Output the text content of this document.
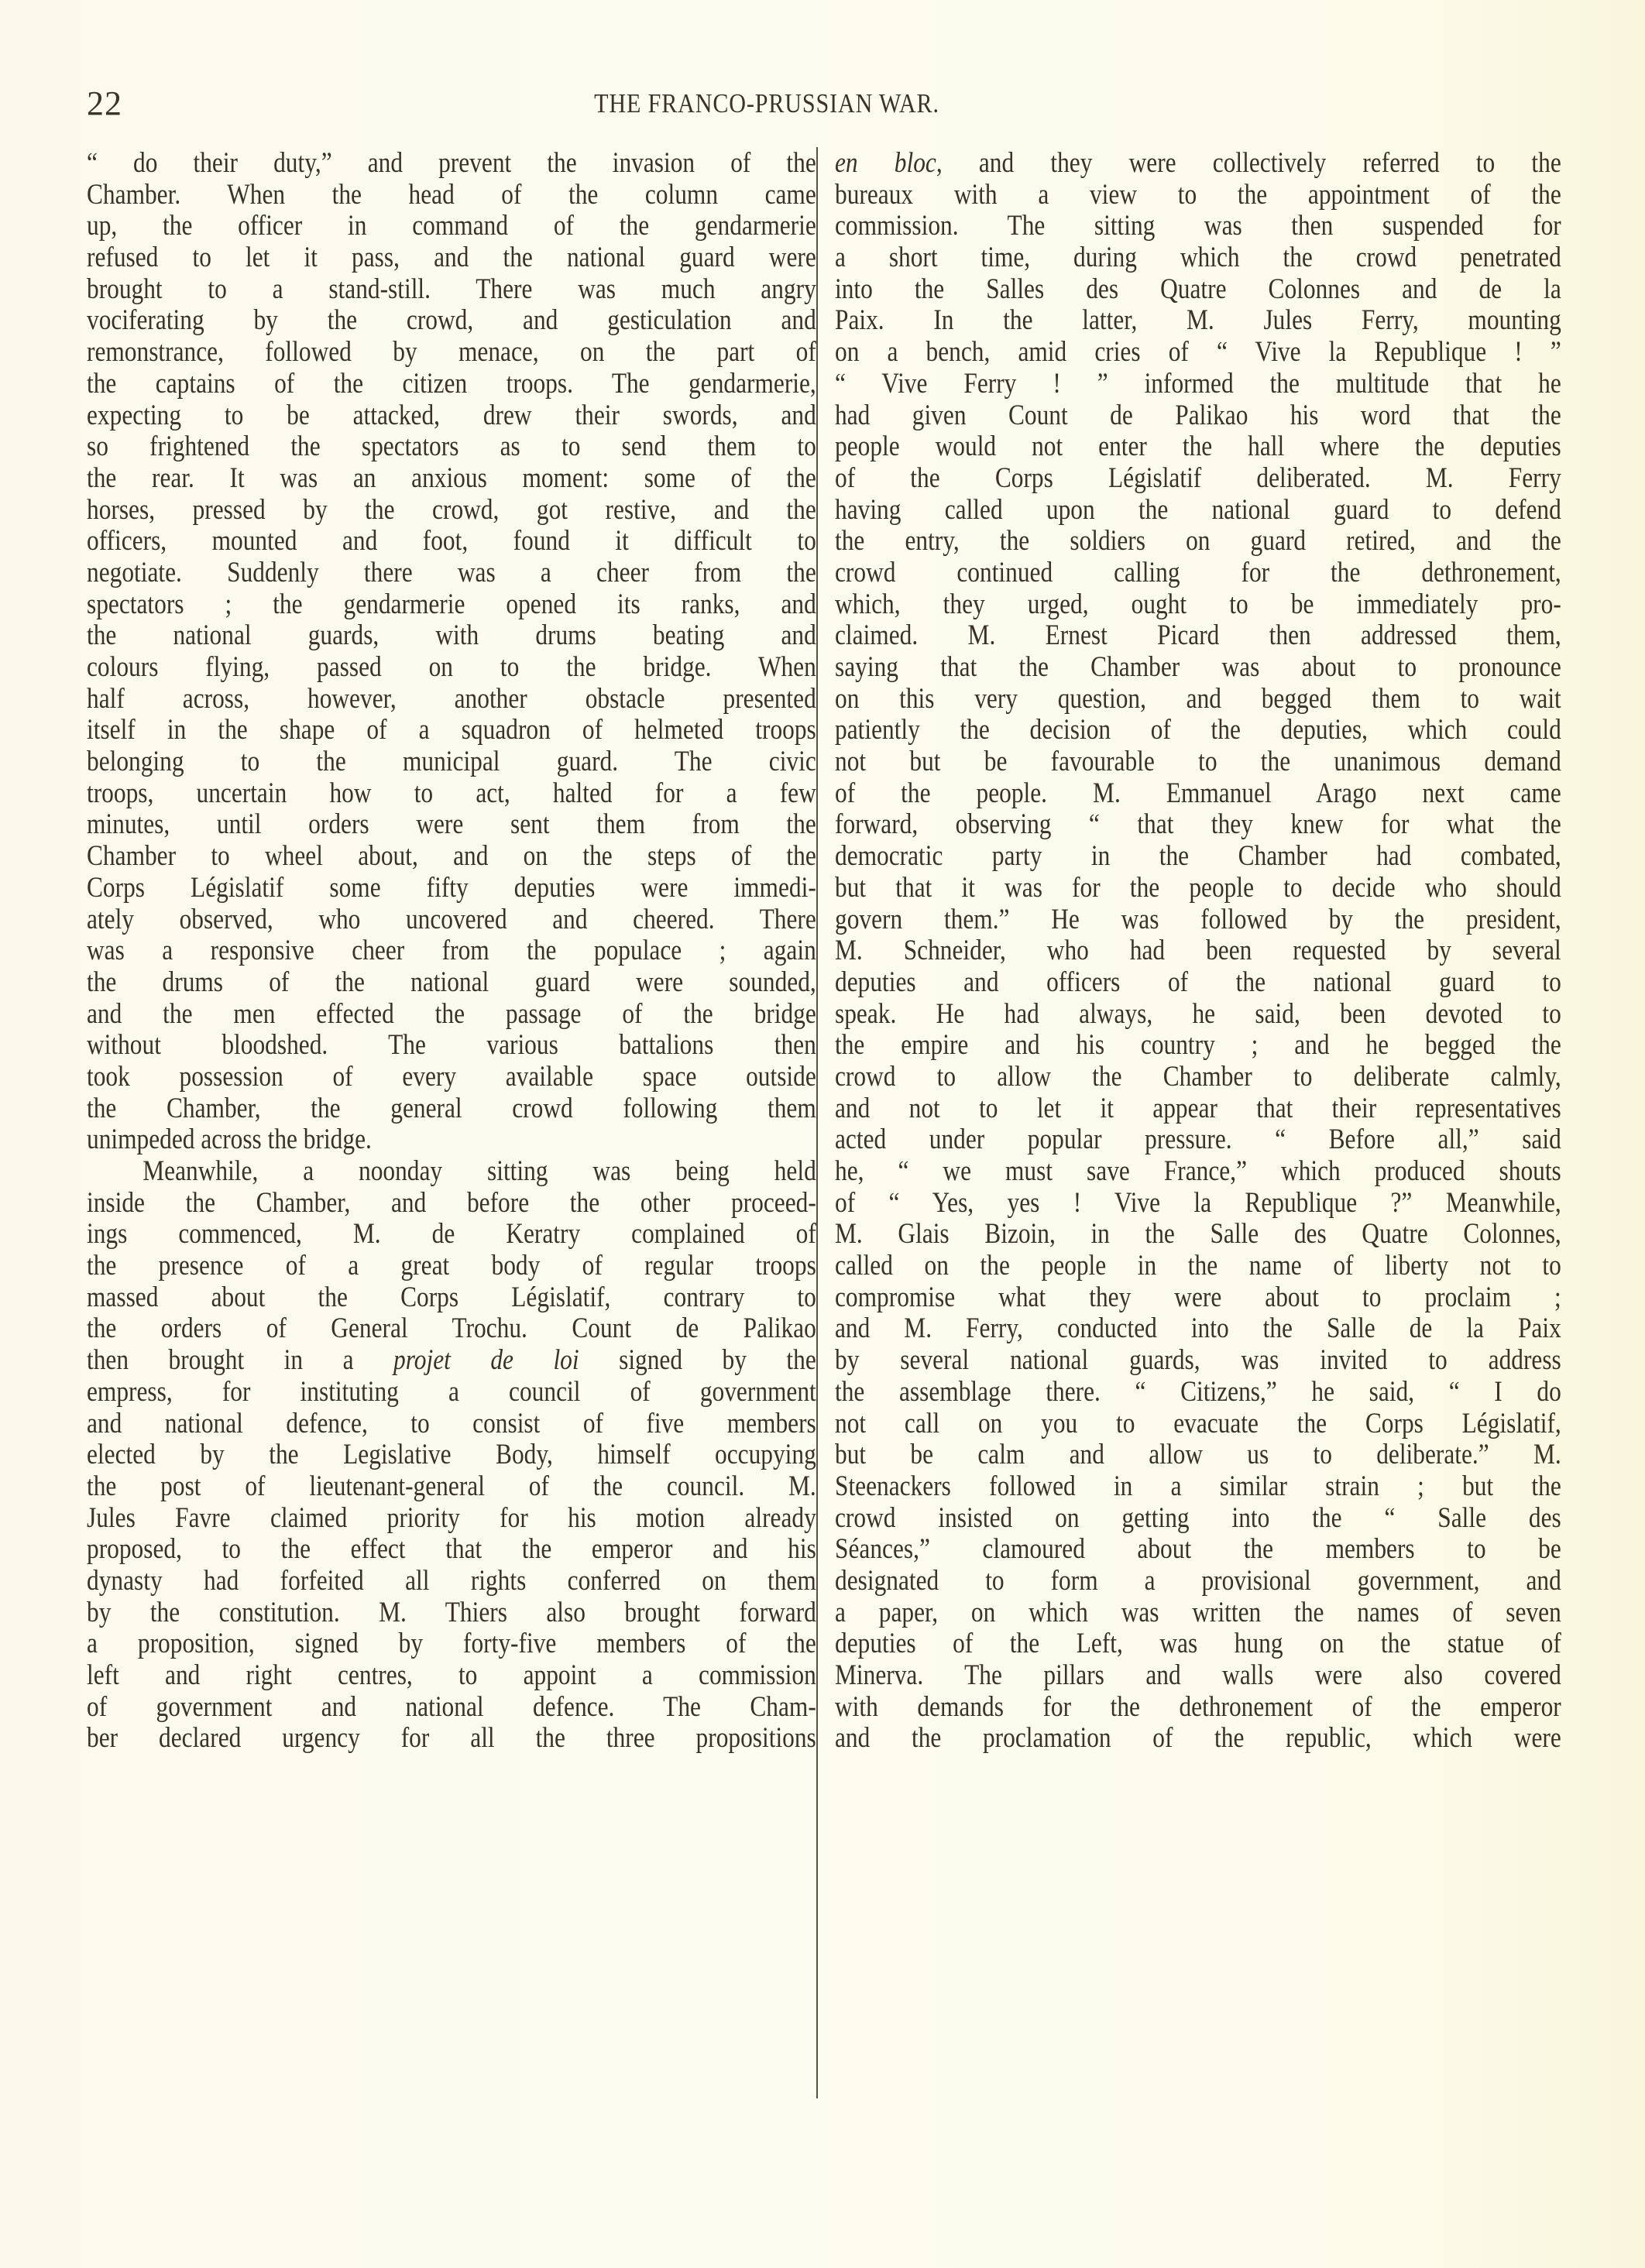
22	THE FRANCO-PRUSSIAN WAR.
“ do their duty,” and prevent the invasion of the
Chamber. When the head of the column came
up, the officer in command of the gendarmerie
refused to let it pass, and the national guard were
brought to a stand-still. There was much angry
vociferating by the crowd, and gesticulation and
remonstrance, followed by menace, on the part of
the captains of the citizen troops. The gendarmerie,
expecting to be attacked, drew their swords, and
so frightened the spectators as to send them to
the rear. It was an anxious moment: some of the
horses, pressed by the crowd, got restive, and the
officers, mounted and foot, found it difficult to
negotiate. Suddenly there was a cheer from the
spectators ; the gendarmerie opened its ranks, and
the national guards, with drums beating and
colours flying, passed on to the bridge. When
half across, however, another obstacle presented
itself in the shape of a squadron of helmeted troops
belonging to the municipal guard. The civic
troops, uncertain how to act, halted for a few
minutes, until orders were sent them from the
Chamber to wheel about, and on the steps of the
Corps Législatif some fifty deputies were immedi-
ately observed, who uncovered and cheered. There
was a responsive cheer from the populace ; again
the drums of the national guard were sounded,
and the men effected the passage of the bridge
without bloodshed. The various battalions then
took possession of every available space outside
the Chamber, the general crowd following them
unimpeded across the bridge.
Meanwhile, a noonday sitting was being held
inside the Chamber, and before the other proceed-
ings commenced, M. de Keratry complained of
the presence of a great body of regular troops
massed about the Corps Législatif, contrary to
the orders of General Trochu. Count de Palikao
then brought in a projet de loi signed by the
empress, for instituting a council of government
and national defence, to consist of five members
elected by the Legislative Body, himself occupying
the post of lieutenant-general of the council. M.
Jules Favre claimed priority for his motion already
proposed, to the effect that the emperor and his
dynasty had forfeited all rights conferred on them
by the constitution. M. Thiers also brought forward
a proposition, signed by forty-five members of the
left and right centres, to appoint a commission
of government and national defence. The Cham-
ber declared urgency for all the three propositions
en bloc, and they were collectively referred to the
bureaux with a view to the appointment of the
commission. The sitting was then suspended for
a short time, during which the crowd penetrated
into the Salles des Quatre Colonnes and de la
Paix. In the latter, M. Jules Ferry, mounting
on a bench, amid cries of “ Vive la Republique ! ”
“ Vive Ferry ! ” informed the multitude that he
had given Count de Palikao his word that the
people would not enter the hall where the deputies
of the Corps Législatif deliberated. M. Ferry
having called upon the national guard to defend
the entry, the soldiers on guard retired, and the
crowd continued calling for the dethronement,
which, they urged, ought to be immediately pro-
claimed. M. Ernest Picard then addressed them,
saying that the Chamber was about to pronounce
on this very question, and begged them to wait
patiently the decision of the deputies, which could
not but be favourable to the unanimous demand
of the people. M. Emmanuel Arago next came
forward, observing “ that they knew for what the
democratic party in the Chamber had combated,
but that it was for the people to decide who should
govern them.” He was followed by the president,
M. Schneider, who had been requested by several
deputies and officers of the national guard to
speak. He had always, he said, been devoted to
the empire and his country ; and he begged the
crowd to allow the Chamber to deliberate calmly,
and not to let it appear that their representatives
acted under popular pressure. “ Before all,” said
he, “ we must save France,” which produced shouts
of “ Yes, yes ! Vive la Republique ?” Meanwhile,
M. Glais Bizoin, in the Salle des Quatre Colonnes,
called on the people in the name of liberty not to
compromise what they were about to proclaim ;
and M. Ferry, conducted into the Salle de la Paix
by several national guards, was invited to address
the assemblage there. “ Citizens,” he said, “ I do
not call on you to evacuate the Corps Législatif,
but be calm and allow us to deliberate.” M.
Steenackers followed in a similar strain ; but the
crowd insisted on getting into the “ Salle des
Séances,” clamoured about the members to be
designated to form a provisional government, and
a paper, on which was written the names of seven
deputies of the Left, was hung on the statue of
Minerva. The pillars and walls were also covered
with demands for the dethronement of the emperor
and the proclamation of the republic, which were
